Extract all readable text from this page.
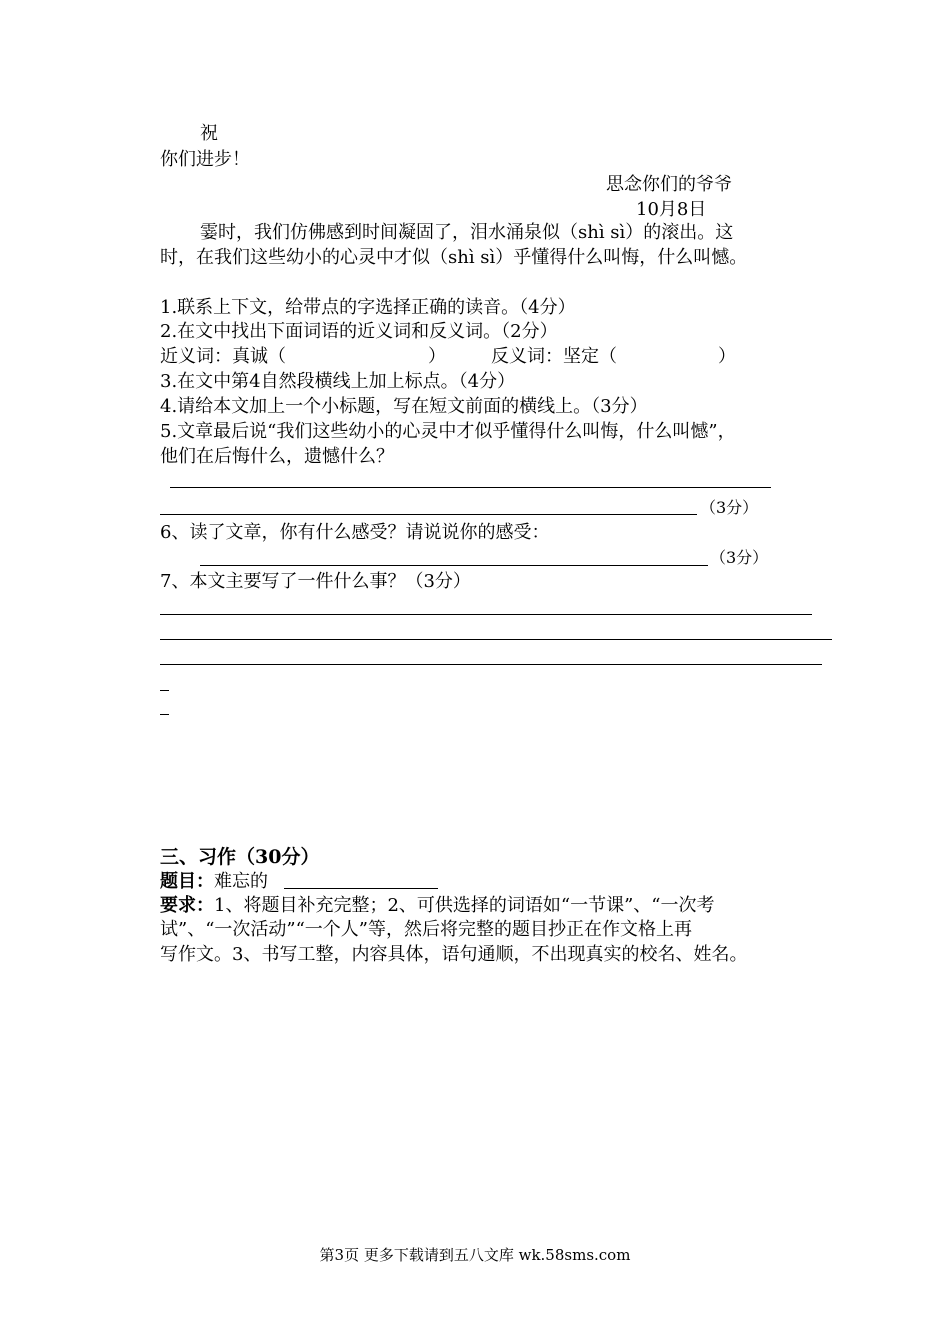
祝
你们进步！
思念你们的爷爷
10月8日
霎时，我们仿佛感到时间凝固了，泪水涌泉似（shì sì）的滚出。这
时，在我们这些幼小的心灵中才似（shì sì）乎懂得什么叫悔，什么叫憾。
1.联系上下文，给带点的字选择正确的读音。（4分）
2.在文中找出下面词语的近义词和反义词。（2分）
近义词：真诚（	）	反义词：坚定（	）
3.在文中第4自然段横线上加上标点。（4分）
4.请给本文加上一个小标题，写在短文前面的横线上。（3分）
5.文章最后说“我们这些幼小的心灵中才似乎懂得什么叫悔，什么叫憾”，
他们在后悔什么，遗憾什么？
（3分）
6、读了文章，你有什么感受？请说说你的感受：
（3分）
7、本文主要写了一件什么事？（3分）
三、习作（30分）
题目：难忘的
要求：1、将题目补充完整；2、可供选择的词语如“一节课”、“一次考
试”、“一次活动”“一个人”等，然后将完整的题目抄正在作文格上再
写作文。3、书写工整，内容具体，语句通顺，不出现真实的校名、姓名。
第3页 更多下载请到五八文库 wk.58sms.com
